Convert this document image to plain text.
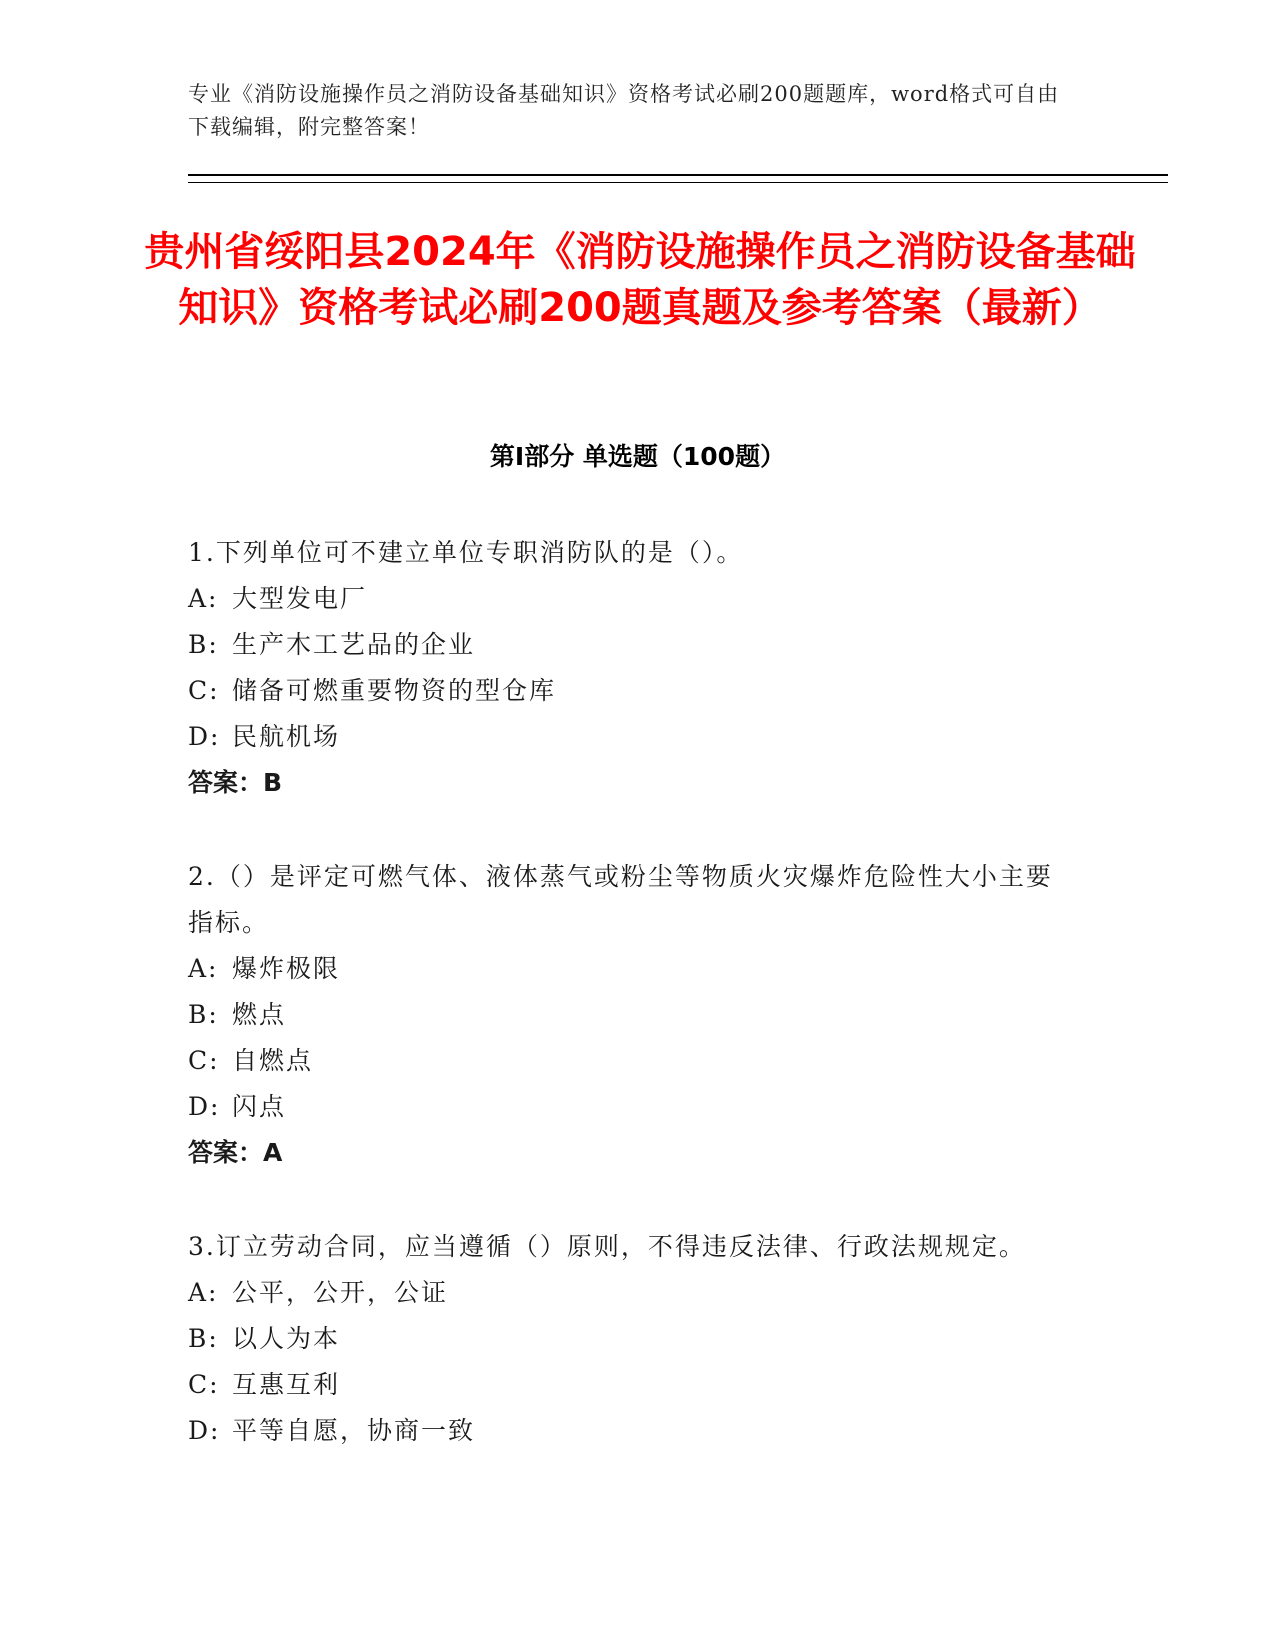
专业《消防设施操作员之消防设备基础知识》资格考试必刷200题题库，word格式可自由下载编辑，附完整答案！
贵州省绥阳县2024年《消防设施操作员之消防设备基础知识》资格考试必刷200题真题及参考答案（最新）
第Ⅰ部分 单选题（100题）
1.下列单位可不建立单位专职消防队的是（）。
A: 大型发电厂
B: 生产木工艺品的企业
C: 储备可燃重要物资的型仓库
D: 民航机场
答案：B
2.（）是评定可燃气体、液体蒸气或粉尘等物质火灾爆炸危险性大小主要指标。
A: 爆炸极限
B: 燃点
C: 自燃点
D: 闪点
答案：A
3.订立劳动合同，应当遵循（）原则，不得违反法律、行政法规规定。
A: 公平，公开，公证
B: 以人为本
C: 互惠互利
D: 平等自愿，协商一致
